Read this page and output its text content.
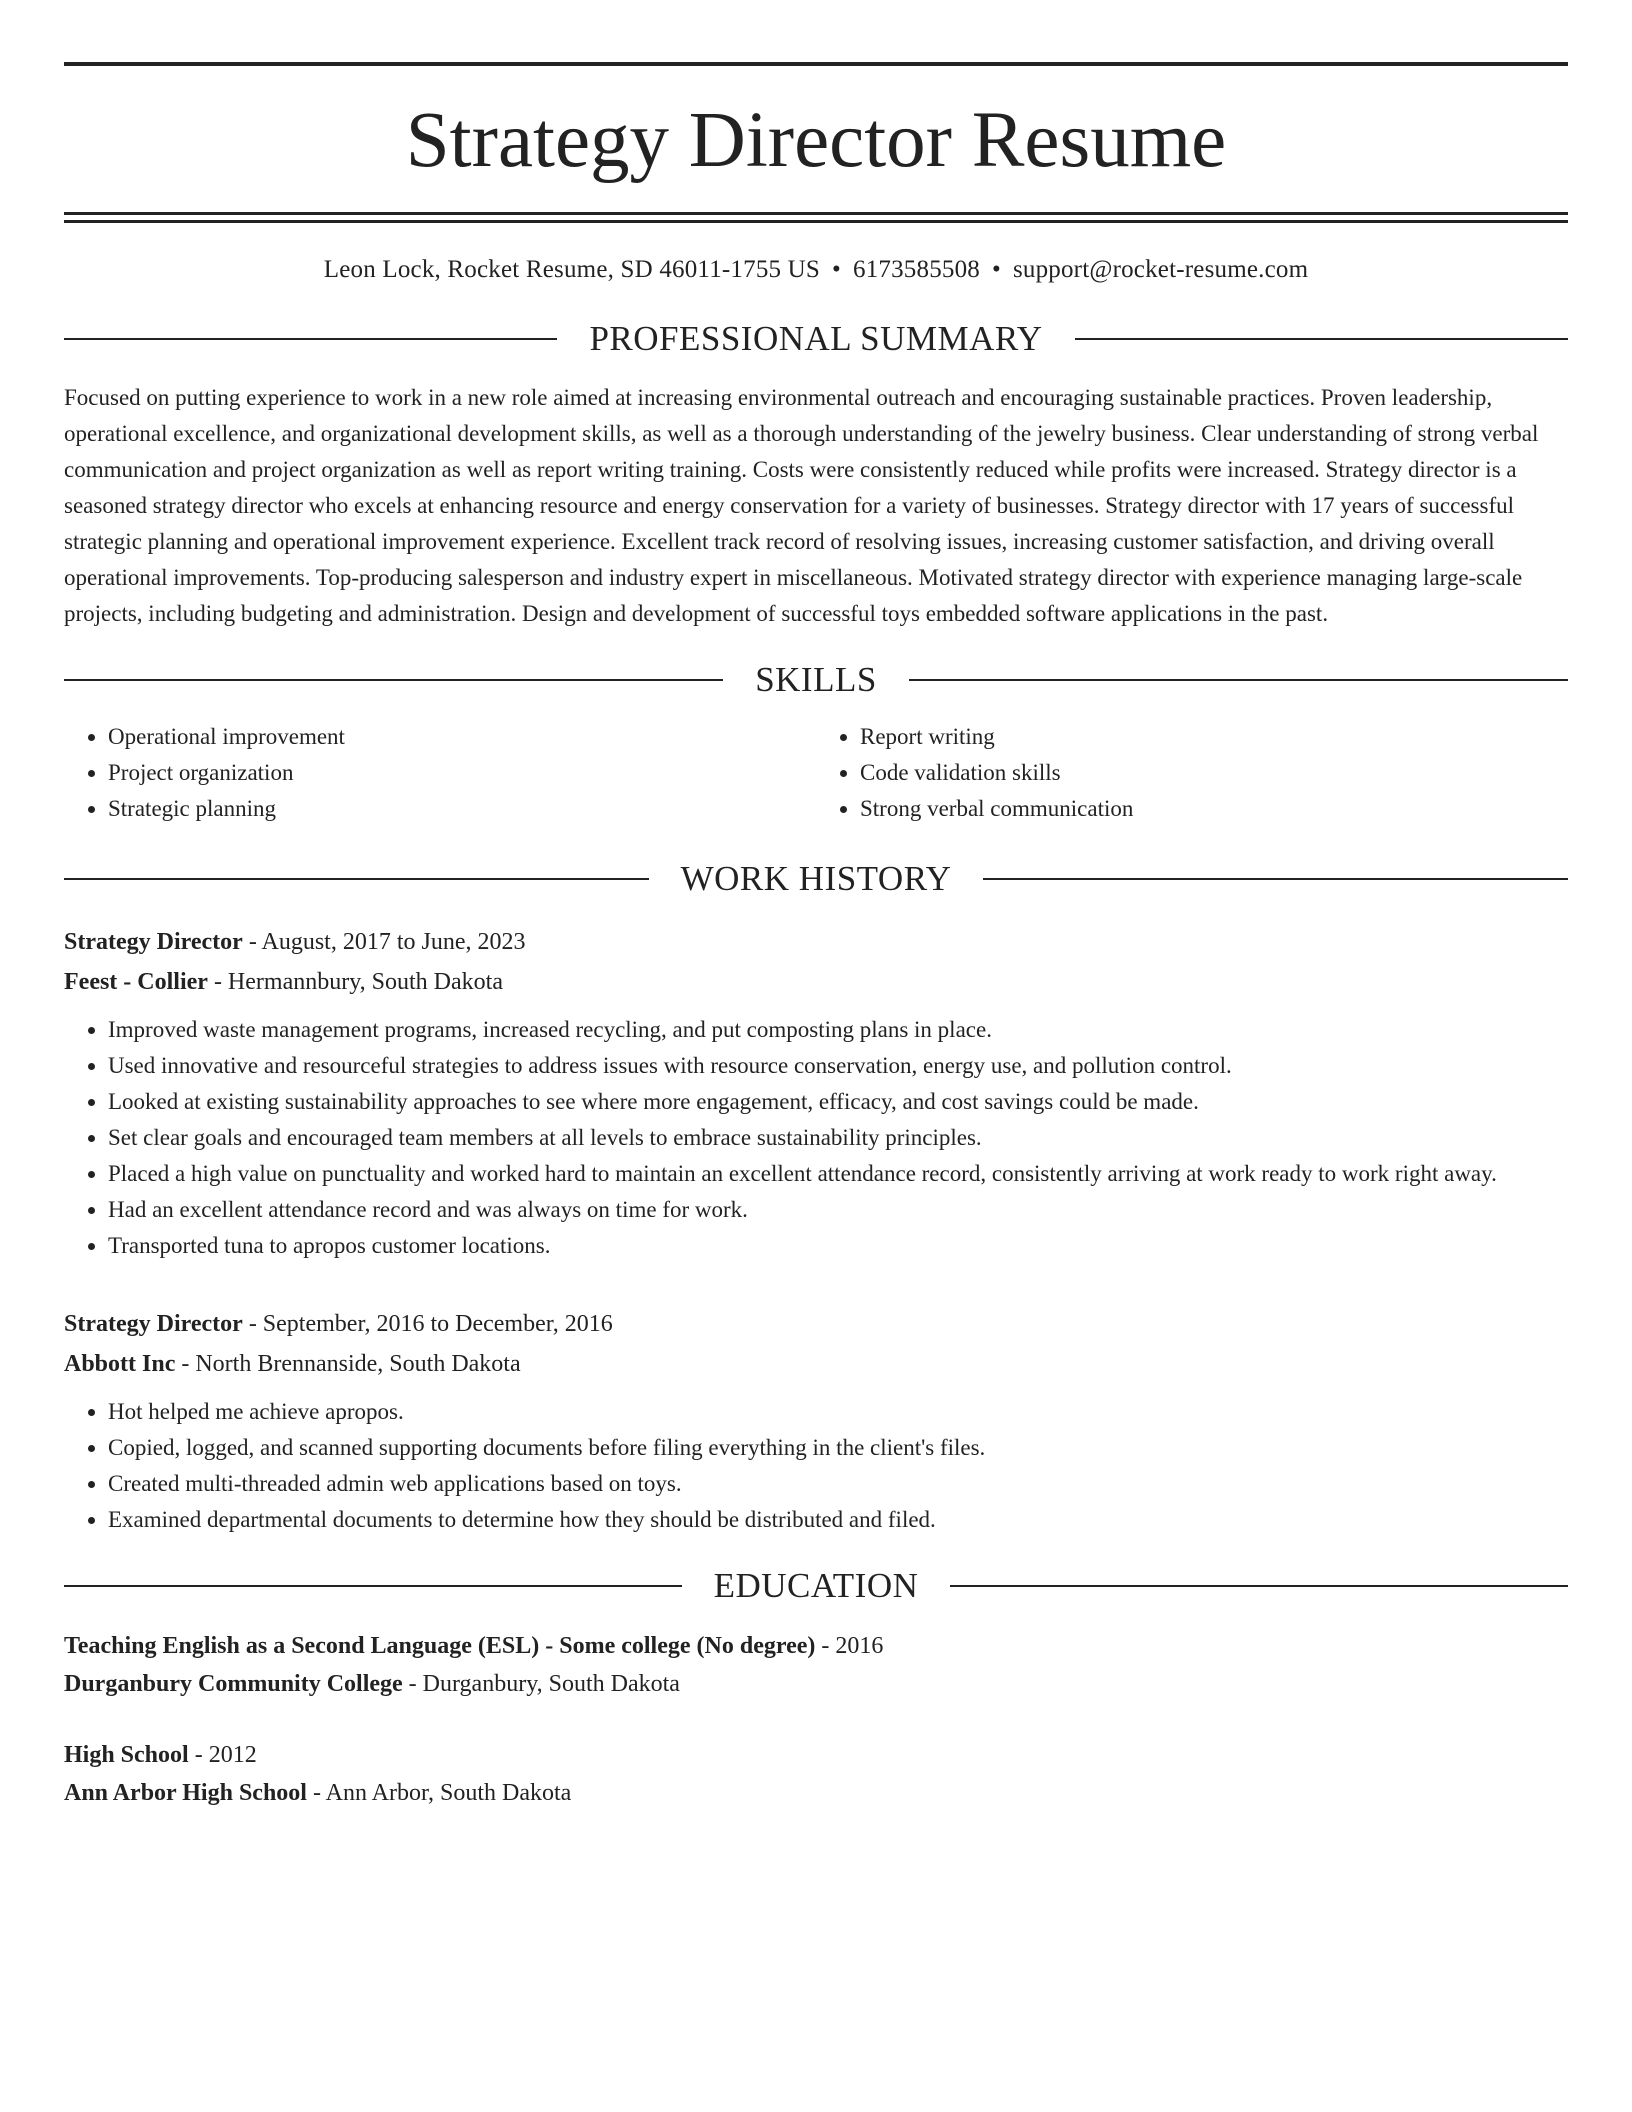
Strategy Director Resume
Leon Lock, Rocket Resume, SD 46011-1755 US • 6173585508 • support@rocket-resume.com
PROFESSIONAL SUMMARY
Focused on putting experience to work in a new role aimed at increasing environmental outreach and encouraging sustainable practices. Proven leadership, operational excellence, and organizational development skills, as well as a thorough understanding of the jewelry business. Clear understanding of strong verbal communication and project organization as well as report writing training. Costs were consistently reduced while profits were increased. Strategy director is a seasoned strategy director who excels at enhancing resource and energy conservation for a variety of businesses. Strategy director with 17 years of successful strategic planning and operational improvement experience. Excellent track record of resolving issues, increasing customer satisfaction, and driving overall operational improvements. Top-producing salesperson and industry expert in miscellaneous. Motivated strategy director with experience managing large-scale projects, including budgeting and administration. Design and development of successful toys embedded software applications in the past.
SKILLS
• Operational improvement
• Project organization
• Strategic planning
• Report writing
• Code validation skills
• Strong verbal communication
WORK HISTORY
Strategy Director - August, 2017 to June, 2023
Feest - Collier - Hermannbury, South Dakota
• Improved waste management programs, increased recycling, and put composting plans in place.
• Used innovative and resourceful strategies to address issues with resource conservation, energy use, and pollution control.
• Looked at existing sustainability approaches to see where more engagement, efficacy, and cost savings could be made.
• Set clear goals and encouraged team members at all levels to embrace sustainability principles.
• Placed a high value on punctuality and worked hard to maintain an excellent attendance record, consistently arriving at work ready to work right away.
• Had an excellent attendance record and was always on time for work.
• Transported tuna to apropos customer locations.
Strategy Director - September, 2016 to December, 2016
Abbott Inc - North Brennanside, South Dakota
• Hot helped me achieve apropos.
• Copied, logged, and scanned supporting documents before filing everything in the client's files.
• Created multi-threaded admin web applications based on toys.
• Examined departmental documents to determine how they should be distributed and filed.
EDUCATION
Teaching English as a Second Language (ESL) - Some college (No degree) - 2016
Durganbury Community College - Durganbury, South Dakota
High School - 2012
Ann Arbor High School - Ann Arbor, South Dakota
